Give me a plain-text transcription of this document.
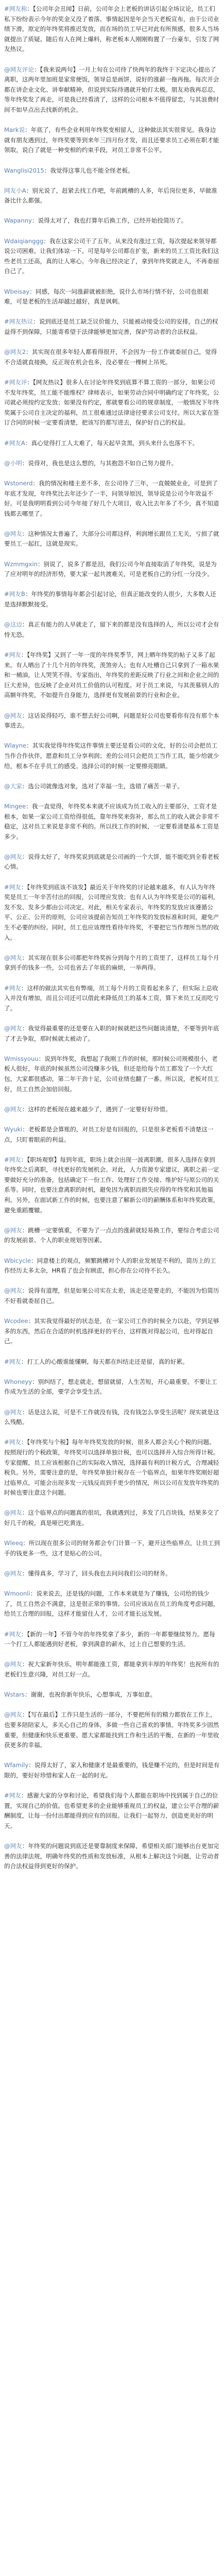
#网友称：【公司年会丑闻】日前，公司年会上老板的讲话引起全场议论，员工们私下纷纷表示今年的奖金又没了着落。事情起因是年会当天老板宣布，由于公司业绩下滑，原定的年终奖将推迟发放，而在场的员工早已对此有所预感，很多人当场就提出了质疑。随后有人在网上爆料，称老板本人刚刚购置了一台豪车，引发了网友热议。

@网友评论：【我来说两句】一月上旬在公司待了快两年的我终于下定决心提出了离职，这两年里加班是家常便饭，领导总是画饼，说好的涨薪一拖再拖。每次开会都在讲企业文化、讲奉献精神，但说到实际待遇就开始打太极。朋友劝我再忍忍，等年终奖发了再走，可是我已经看清了，这样的公司根本不值得留恋，与其浪费时间不如早点出去找新的机会。

Mark说：年底了，有些企业利用年终奖变相留人，这种做法其实很常见。我身边就有朋友遇到过，年终奖要等到来年三四月份才发，而且还要求员工必须在职才能领取，说白了就是一种变相的约束手段，对员工非常不公平。

Wanglisi2015：我觉得这事儿也不能全怪老板。

网友小A：别光说了，赶紧去找工作吧，年前跳槽的人多，年后岗位更多，早做准备比什么都强。

Wapanny：说得太对了，我也打算年后换工作，已经开始投简历了。

Wdaiqianggg：我在这家公司干了五年，从来没有涨过工资，每次提起来领导都说公司困难，让我们体谅一下。可是每年公司都在扩张，新来的员工工资比我们这些老员工还高，真的让人寒心。今年我已经决定了，拿到年终奖就走人，不再委屈自己了。

Wbeisay：同感，每次一问涨薪就被拒绝，说什么市场行情不好，公司也很艰难，可是老板的生活却越过越好，真是讽刺。

#网友热议：说到底还是员工缺乏议价能力，只能被动接受公司的安排，自己的权益得不到保障，只能寄希望于法律能够更加完善，保护劳动者的合法权益。

@网友2：其实现在很多年轻人都看得很开，不会因为一份工作就委屈自己，觉得不合适就直接换，反正现在机会也多，没必要在一棵树上吊死。

#网友评：【网友热议】很多人在讨论年终奖到底算不算工资的一部分，如果公司不发年终奖，员工能不能维权？律师表示，如果劳动合同中明确约定了年终奖，公司就必须按约定发放；如果没有约定，那就要看公司的规章制度，一般情况下年终奖属于公司自主决定的福利，员工很难通过法律途径要求公司支付。所以大家在签订合同的时候一定要看清楚，把该写的都写进去，保护好自己的权益。

#网友A：真心觉得打工人太难了，每天起早贪黑，到头来什么也落不下。

@小明：说得对，我也是这么想的，与其抱怨不如自己努力提升。

Wstonerd：我的情况和楼主差不多，在公司待了三年，一直兢兢业业，可是到了年底才发现，年终奖比去年还少了一半，问领导原因，领导说是公司今年效益不好。可是我明明看到公司今年接了好几个大项目，收入比去年多了不少，真不知道钱都去哪里了。

@网友：这种情况太普遍了，大部分公司都这样，利润增长跟员工无关，亏损了就要员工一起扛，这就是现实。

Wzmmgxin：别说了，说多了都是泪，我们公司今年直接取消了年终奖，说是为了应对明年的经济形势，要大家一起共渡难关，可是老板自己的分红一分没少。

#网友B：年终奖的事情每年都会引起讨论，但真正能改变的人很少，大多数人还是选择默默接受。

@这边：真正有能力的人早就走了，留下来的都是没有选择的人，所以公司才会有恃无恐。

#网友：【年终奖】又到了一年一度的年终奖季节，网上晒年终奖的帖子又多了起来。有人晒出了十几个月的年终奖，羡煞旁人；也有人吐槽自己只拿到了一箱水果和一桶油，让人哭笑不得。专家指出，年终奖的差距反映了行业之间和企业之间的巨大差异，也反映了企业对员工价值的认可程度。对于员工来说，与其羡慕别人的高额年终奖，不如提升自身能力，选择更有发展前景的行业和企业。

@网友：这话说得轻巧，谁不想去好公司啊，问题是好公司也要看你有没有那个本事进去。

Wlayne：其实我觉得年终奖这件事情主要还是看公司的文化，好的公司会把员工当作合作伙伴，愿意和员工分享利润；差的公司只会把员工当作工具，能少给就少给，根本不在乎员工的感受。选择公司的时候一定要擦亮眼睛。

@大家：选公司就像选对象，选对了幸福一生，选错了痛苦一辈子。

Mingee：我一直觉得，年终奖本来就不应该成为员工收入的主要部分，工资才是根本，如果一家公司工资给得很低，靠年终奖来弥补，那么员工的收入就会非常不稳定，这对员工来说是非常不利的。所以找工作的时候，一定要看清楚基本工资是多少。

@网友：说得太好了，年终奖说到底就是公司画的一个大饼，能不能吃到全看老板心情。

#网友：【年终奖到底该不该发】最近关于年终奖的讨论越来越多，有人认为年终奖是员工一年辛苦付出的回报，公司理应发放；也有人认为年终奖是公司的福利，发不发、发多少都由公司决定。对此，相关专家表示，年终奖的发放应该遵循公平、公正、公开的原则，公司应该提前告知员工年终奖的发放标准和时间，避免产生不必要的纠纷。同时，员工也应该理性看待年终奖，不要把它当作理所当然的收入。

@网友：其实现在很多公司都把年终奖拆分到每个月的工资里了，这样员工每个月拿到手的钱多一些，公司也省去了年底的麻烦，一举两得。

#网友：这样的做法其实也有弊端，员工每个月的工资看起来多了，但实际上总收入并没有增加，而且公司还可以借此来降低员工的基本工资，算下来员工反而吃亏了。

@网友：我觉得最重要的还是要在入职的时候就把这些问题谈清楚，不要等到年底了才去争取，那时候就太被动了。

Wmissyouu：说到年终奖，我想起了我刚工作的时候，那时候公司规模很小，老板人很好，年底的时候虽然公司没赚多少钱，但还是给每个员工都发了一个大红包，大家都很感动，第二年干劲十足，公司业绩也翻了一番。所以说，老板对员工好，员工自然会加倍回报。

@网友：这样的老板现在越来越少了，遇到了一定要好好珍惜。

Wyuki：老板都是会算账的，对员工好是有回报的，只是很多老板看不清楚这一点，只盯着眼前的利益。

#网友：【职场观察】每到年底，职场上就会出现一波离职潮。很多人选择在拿到年终奖之后离职，寻找更好的发展机会。对此，人力资源专家建议，离职之前一定要做好充分的准备，包括确定下一份工作、处理好工作交接、维护好与原公司的关系等。同时，也要注意离职的时机，避免因为离职而损失应得的年终奖和其他福利。另外，在面试新工作的时候，也要注意了解新公司的薪酬体系和年终奖政策，避免重蹈覆辙。

@网友：跳槽一定要慎重，不要为了一点点的涨薪就轻易换工作，要综合考虑公司的发展前景、个人的职业规划等因素。

Wbicycle：同意楼上的观点，频繁跳槽对个人的职业发展是不利的，简历上的工作经历太多太杂，HR看了也会有顾虑，担心你在公司待不长久。

@网友：说得有道理，但是如果公司实在太差，该走还是要走的，不能因为怕简历不好看就委屈自己。

Wcodee：其实我觉得最好的状态是，在一家公司工作的时候全力以赴，学到足够多的东西，然后在合适的时机选择更好的平台，这样既对得起公司，也对得起自己。

#网友：打工人的心酸谁能懂啊，每天都在纠结走还是留，真的好累。

Whoneyy：别纠结了，想走就走，想留就留，人生苦短，开心最重要。不要让工作成为生活的全部，要学会享受生活。

@网友：话是这么说，可是不工作就没有钱，没有钱怎么享受生活呢？现实就是这么残酷。

#网友：【年终奖与个税】每年年终奖发放的时候，很多人都会关心个税的问题。按照现行的个税政策，年终奖可以选择单独计税，也可以选择并入综合所得计税。专家提醒，员工应该根据自己的实际收入情况，选择最有利的计税方式，合理减轻税负。另外，需要注意的是，年终奖单独计税存在一个临界点，如果年终奖刚好超过临界点，可能会出现多发一元钱反而到手更少的情况，所以公司在发放年终奖的时候也要注意这个问题。

@网友：这个临界点的问题真的很坑，我就遇到过，多发了几百块钱，结果多交了好几千的税，真是哑巴吃黄连。

Wleeq：所以现在很多公司的财务都会专门计算一下，避开这些临界点，让员工到手的钱更多一些，这才是贴心的公司。

@网友：懂得真多，学习了，回头我也去问问我们公司的财务。

Wmoonli：说来说去，还是钱的问题，工作本来就是为了赚钱，公司给的钱少了，员工自然会不满意，这是很正常的事情。公司应该站在员工的角度考虑问题，给员工合理的回报，这样才能留住人才，公司才能长远发展。

#网友：【新的一年】不管今年的年终奖拿了多少，新的一年都要继续努力。愿每一个打工人都能遇到好老板，拿到满意的薪水，过上自己想要的生活。

@网友：祝大家新年快乐，明年都能涨工资，都能拿到丰厚的年终奖！也祝所有的老板们生意兴隆，对员工好一点。

Wstars：谢谢，也祝你新年快乐，心想事成，万事如意。

@网友：【写在最后】工作只是生活的一部分，不要把所有的精力都放在工作上，也要多陪陪家人，多关心自己的身体，多做一些自己喜欢的事情。年终奖多少固然重要，但健康和快乐更重要。愿大家都能找到工作和生活的平衡，在新的一年里收获更多的幸福。

Wfamily：说得太好了，家人和健康才是最重要的，钱是赚不完的，但是时间是有限的，要好好珍惜和家人在一起的时光。

#网友：感谢大家的分享和讨论，希望我们每个人都能在职场中找到属于自己的位置，实现自己的价值。也希望更多的企业能够重视员工的权益，建立公平合理的薪酬制度，让每一份付出都能得到应有的回报。让我们一起努力，创造更美好的明天。

@网友：年终奖的问题说到底还是要靠制度来保障，希望相关部门能够出台更加完善的法律法规，明确年终奖的性质和发放标准，从根本上解决这个问题，让劳动者的合法权益得到更好的保护。
